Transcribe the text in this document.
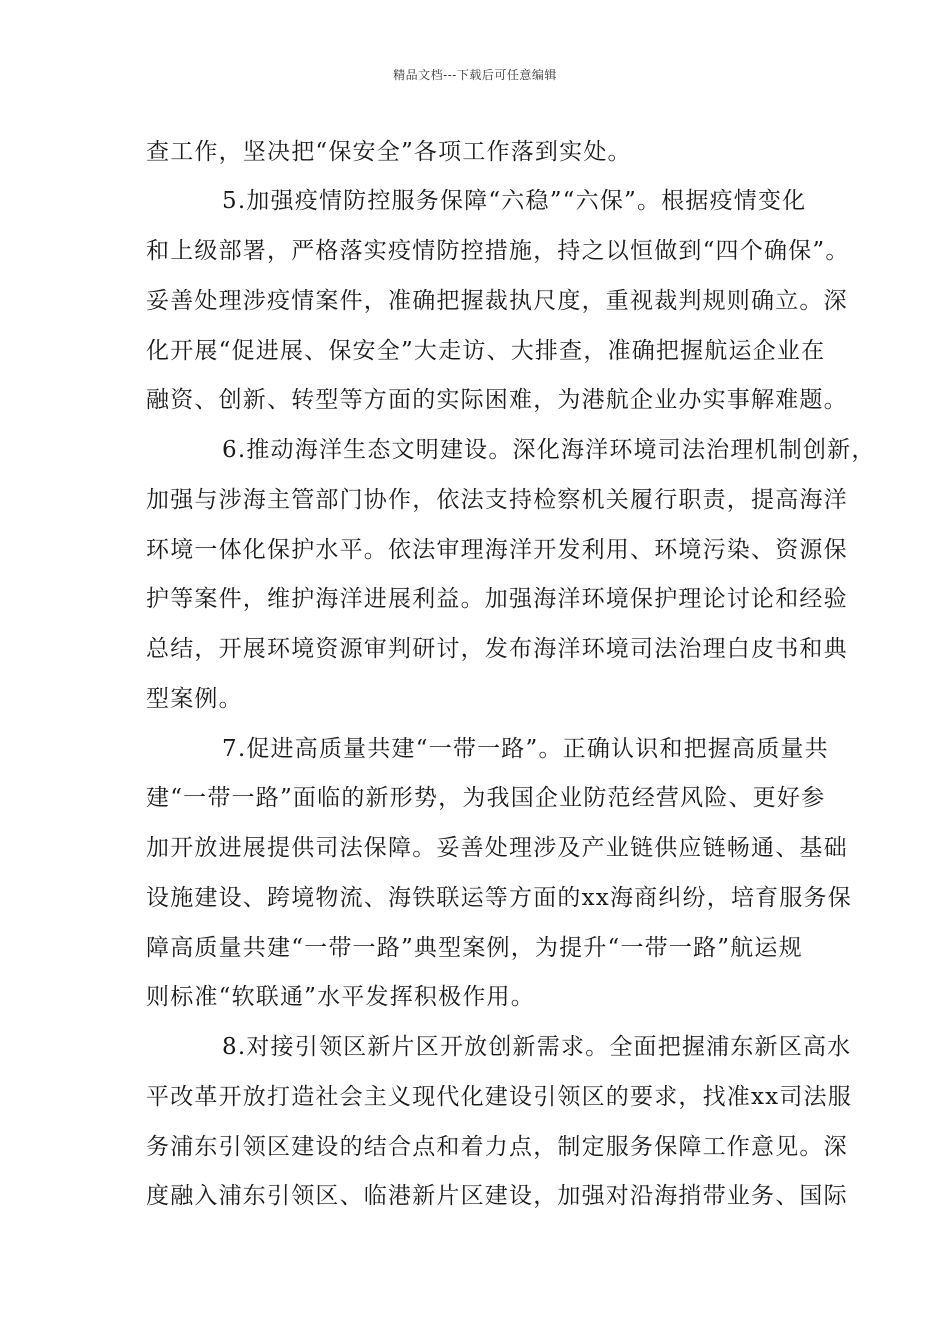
精品文档---下载后可任意编辑
查工作，坚决把“保安全”各项工作落到实处。
5.加强疫情防控服务保障“六稳”“六保”。根据疫情变化
和上级部署，严格落实疫情防控措施，持之以恒做到“四个确保”。
妥善处理涉疫情案件，准确把握裁执尺度，重视裁判规则确立。深
化开展“促进展、保安全”大走访、大排查，准确把握航运企业在
融资、创新、转型等方面的实际困难，为港航企业办实事解难题。
6.推动海洋生态文明建设。深化海洋环境司法治理机制创新，
加强与涉海主管部门协作，依法支持检察机关履行职责，提高海洋
环境一体化保护水平。依法审理海洋开发利用、环境污染、资源保
护等案件，维护海洋进展利益。加强海洋环境保护理论讨论和经验
总结，开展环境资源审判研讨，发布海洋环境司法治理白皮书和典
型案例。
7.促进高质量共建“一带一路”。正确认识和把握高质量共
建“一带一路”面临的新形势，为我国企业防范经营风险、更好参
加开放进展提供司法保障。妥善处理涉及产业链供应链畅通、基础
设施建设、跨境物流、海铁联运等方面的xx海商纠纷，培育服务保
障高质量共建“一带一路”典型案例，为提升“一带一路”航运规
则标准“软联通”水平发挥积极作用。
8.对接引领区新片区开放创新需求。全面把握浦东新区高水
平改革开放打造社会主义现代化建设引领区的要求，找准xx司法服
务浦东引领区建设的结合点和着力点，制定服务保障工作意见。深
度融入浦东引领区、临港新片区建设，加强对沿海捎带业务、国际
